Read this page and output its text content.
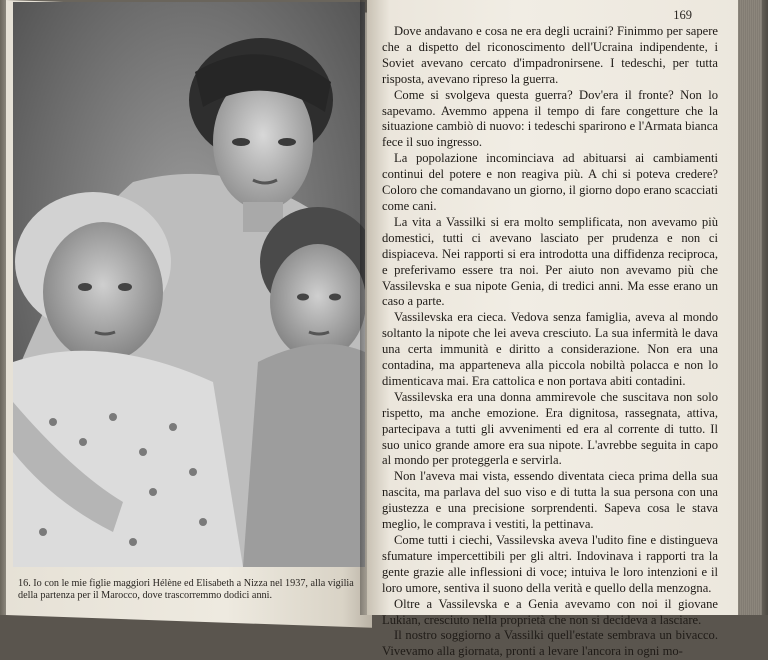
16. Io con le mie figlie maggiori Hélène ed Elisabeth a Nizza nel 1937, alla vigilia della partenza per il Marocco, dove trascorremmo dodici anni.
169

Dove andavano e cosa ne era degli ucraini? Finimmo per sapere che a dispetto del riconoscimento dell'Ucraina indipendente, i Soviet avevano cercato d'impadronirsene. I tedeschi, per tutta risposta, avevano ripreso la guerra.

Come si svolgeva questa guerra? Dov'era il fronte? Non lo sapevamo. Avemmo appena il tempo di fare congetture che la situazione cambiò di nuovo: i tedeschi sparirono e l'Armata bianca fece il suo ingresso.

La popolazione incominciava ad abituarsi ai cambiamenti continui del potere e non reagiva più. A chi si poteva credere? Coloro che comandavano un giorno, il giorno dopo erano scacciati come cani.

La vita a Vassilki si era molto semplificata, non avevamo più domestici, tutti ci avevano lasciato per prudenza e non ci dispiaceva. Nei rapporti si era introdotta una diffidenza reciproca, e preferivamo essere tra noi. Per aiuto non avevamo più che Vassilevska e sua nipote Genia, di tredici anni. Ma esse erano un caso a parte.

Vassilevska era cieca. Vedova senza famiglia, aveva al mondo soltanto la nipote che lei aveva cresciuto. La sua infermità le dava una certa immunità e diritto a considerazione. Non era una contadina, ma apparteneva alla piccola nobiltà polacca e non lo dimenticava mai. Era cattolica e non portava abiti contadini.

Vassilevska era una donna ammirevole che suscitava non solo rispetto, ma anche emozione. Era dignitosa, rassegnata, attiva, partecipava a tutti gli avvenimenti ed era al corrente di tutto. Il suo unico grande amore era sua nipote. L'avrebbe seguita in capo al mondo per proteggerla e servirla.

Non l'aveva mai vista, essendo diventata cieca prima della sua nascita, ma parlava del suo viso e di tutta la sua persona con una giustezza e una precisione sorprendenti. Sapeva cosa le stava meglio, le comprava i vestiti, la pettinava.

Come tutti i ciechi, Vassilevska aveva l'udito fine e distingueva sfumature impercettibili per gli altri. Indovinava i rapporti tra la gente grazie alle inflessioni di voce; intuiva le loro intenzioni e il loro umore, sentiva il suono della verità e quello della menzogna.

Oltre a Vassilevska e a Genia avevamo con noi il giovane Lukian, cresciuto nella proprietà che non si decideva a lasciare.

Il nostro soggiorno a Vassilki quell'estate sembrava un bivacco. Vivevamo alla giornata, pronti a levare l'ancora in ogni mo-
